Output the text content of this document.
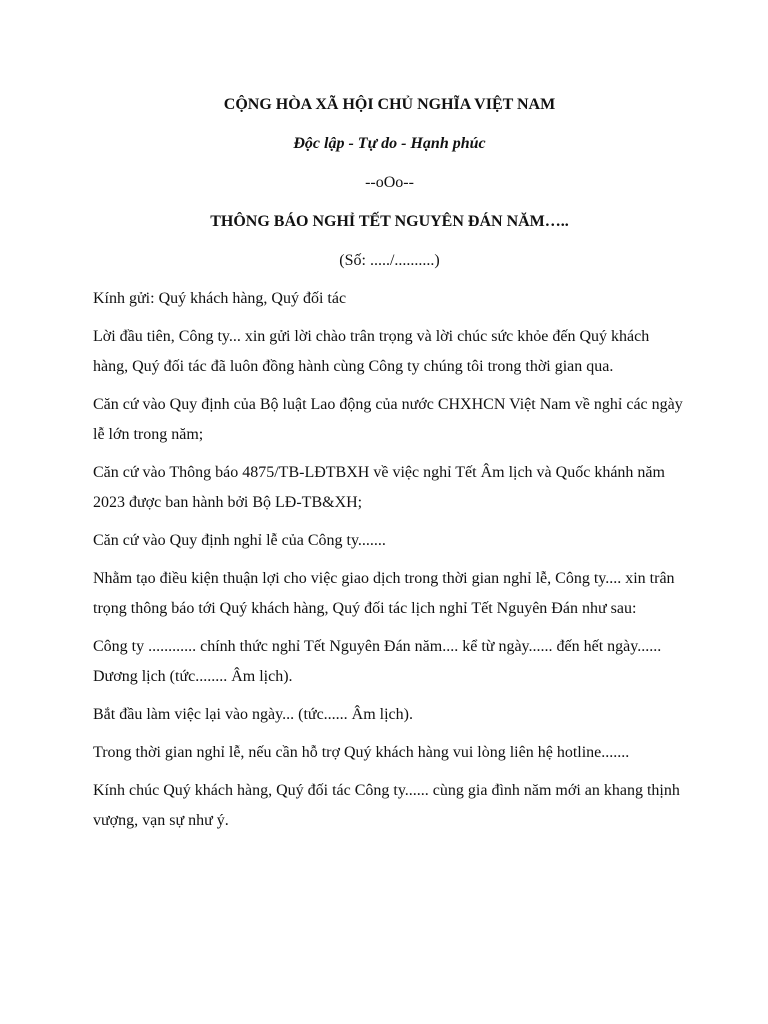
CỘNG HÒA XÃ HỘI CHỦ NGHĨA VIỆT NAM

Độc lập - Tự do - Hạnh phúc

--oOo--

THÔNG BÁO NGHỈ TẾT NGUYÊN ĐÁN NĂM…..

(Số: ...../..........)

Kính gửi: Quý khách hàng, Quý đối tác

Lời đầu tiên, Công ty... xin gửi lời chào trân trọng và lời chúc sức khỏe đến Quý khách hàng, Quý đối tác đã luôn đồng hành cùng Công ty chúng tôi trong thời gian qua.

Căn cứ vào Quy định của Bộ luật Lao động của nước CHXHCN Việt Nam về nghỉ các ngày lễ lớn trong năm;

Căn cứ vào Thông báo 4875/TB-LĐTBXH về việc nghỉ Tết Âm lịch và Quốc khánh năm 2023 được ban hành bởi Bộ LĐ-TB&XH;

Căn cứ vào Quy định nghỉ lễ của Công ty.......

Nhằm tạo điều kiện thuận lợi cho việc giao dịch trong thời gian nghỉ lễ, Công ty.... xin trân trọng thông báo tới Quý khách hàng, Quý đối tác lịch nghỉ Tết Nguyên Đán như sau:

Công ty ............ chính thức nghỉ Tết Nguyên Đán năm.... kể từ ngày...... đến hết ngày...... Dương lịch (tức........ Âm lịch).

Bắt đầu làm việc lại vào ngày... (tức...... Âm lịch).

Trong thời gian nghỉ lễ, nếu cần hỗ trợ Quý khách hàng vui lòng liên hệ hotline.......

Kính chúc Quý khách hàng, Quý đối tác Công ty...... cùng gia đình năm mới an khang thịnh vượng, vạn sự như ý.
